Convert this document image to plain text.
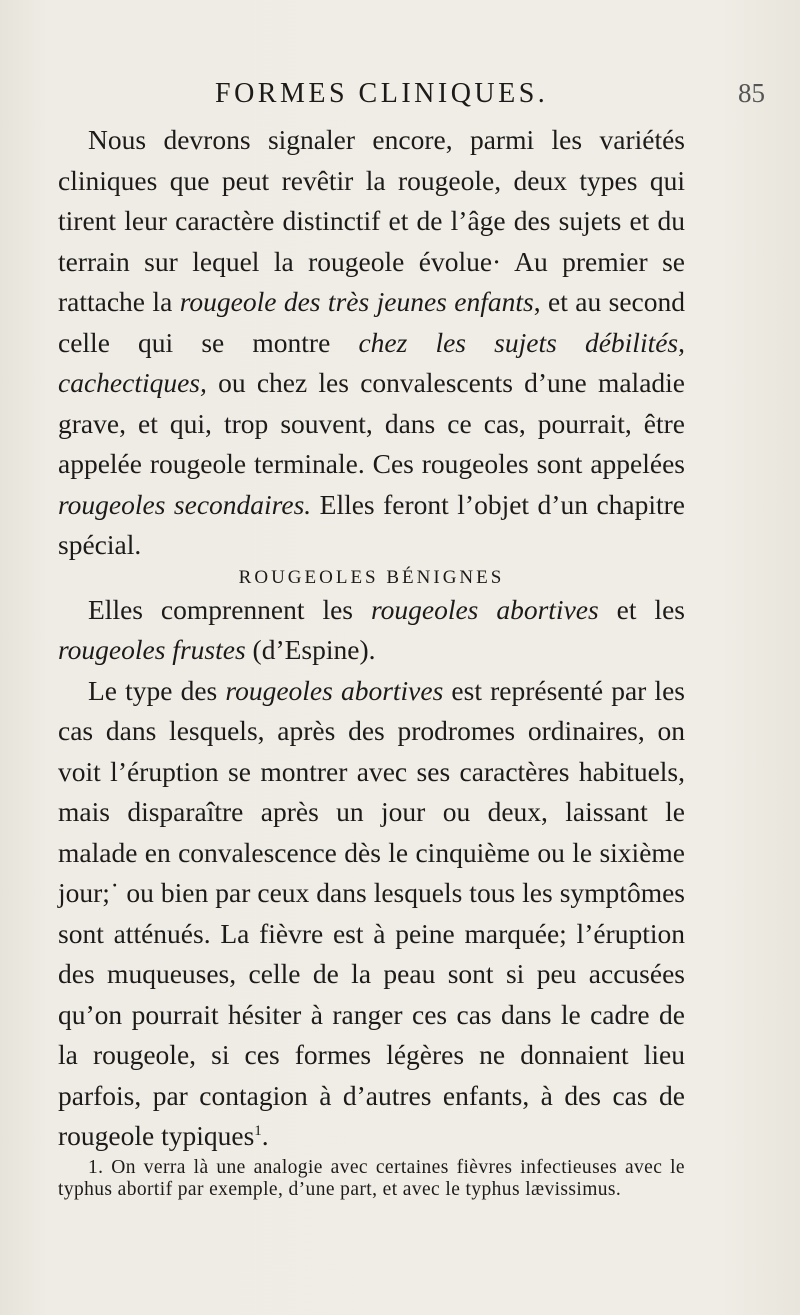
FORMES CLINIQUES.	85

Nous devrons signaler encore, parmi les variétés cliniques que peut revêtir la rougeole, deux types qui tirent leur caractère distinctif et de l’âge des sujets et du terrain sur lequel la rougeole évolue· Au premier se rattache la rougeole des très jeunes enfants, et au second celle qui se montre chez les sujets débilités, cachectiques, ou chez les convalescents d’une maladie grave, et qui, trop souvent, dans ce cas, pourrait, être appelée rougeole terminale. Ces rougeoles sont appelées rougeoles secondaires. Elles feront l’objet d’un chapitre spécial.

ROUGEOLES BÉNIGNES

Elles comprennent les rougeoles abortives et les rougeoles frustes (d’Espine).

Le type des rougeoles abortives est représenté par les cas dans lesquels, après des prodromes ordinaires, on voit l’éruption se montrer avec ses caractères habituels, mais disparaître après un jour ou deux, laissant le malade en convalescence dès le cinquième ou le sixième jour;˙ ou bien par ceux dans lesquels tous les symptômes sont atténués. La fièvre est à peine marquée; l’éruption des muqueuses, celle de la peau sont si peu accusées qu’on pourrait hésiter à ranger ces cas dans le cadre de la rougeole, si ces formes légères ne donnaient lieu parfois, par contagion à d’autres enfants, à des cas de rougeole typiques$^1$.

1. On verra là une analogie avec certaines fièvres infectieuses avec le typhus abortif par exemple, d’une part, et avec le typhus lævissimus.
